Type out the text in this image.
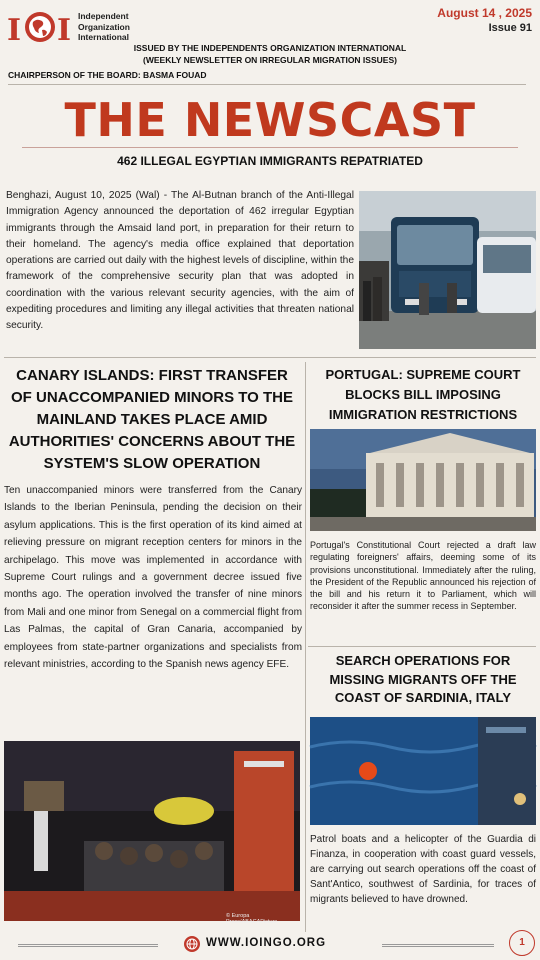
I I Independent
Organization
International
August 14 , 2025
Issue 91
ISSUED BY THE INDEPENDENTS ORGANIZATION INTERNATIONAL
(WEEKLY NEWSLETTER ON IRREGULAR MIGRATION ISSUES)
CHAIRPERSON OF THE BOARD: BASMA FOUAD
THE NEWSCAST
462 ILLEGAL EGYPTIAN IMMIGRANTS REPATRIATED
Benghazi, August 10, 2025 (Wal) - The Al-Butnan branch of the Anti-Illegal Immigration Agency announced the deportation of 462 irregular Egyptian immigrants through the Amsaid land port, in preparation for their return to their homeland. The agency's media office explained that deportation operations are carried out daily with the highest levels of discipline, within the framework of the comprehensive security plan that was adopted in coordination with the various relevant security agencies, with the aim of expediting procedures and limiting any illegal activities that threaten national security.
CANARY ISLANDS: FIRST TRANSFER OF UNACCOMPANIED MINORS TO THE MAINLAND TAKES PLACE AMID AUTHORITIES' CONCERNS ABOUT THE SYSTEM'S SLOW OPERATION
Ten unaccompanied minors were transferred from the Canary Islands to the Iberian Peninsula, pending the decision on their asylum applications. This is the first operation of its kind aimed at relieving pressure on migrant reception centers for minors in the archipelago. This move was implemented in accordance with Supreme Court rulings and a government decree issued five months ago. The operation involved the transfer of nine minors from Mali and one minor from Senegal on a commercial flight from Las Palmas, the capital of Gran Canaria, accompanied by employees from state-partner organizations and specialists from relevant ministries, according to the Spanish news agency EFE.
© Europa Press/ABACAPicture
PORTUGAL: SUPREME COURT BLOCKS BILL IMPOSING IMMIGRATION RESTRICTIONS
Portugal's Constitutional Court rejected a draft law regulating foreigners' affairs, deeming some of its provisions unconstitutional. Immediately after the ruling, the President of the Republic announced his rejection of the bill and his return it to Parliament, which will reconsider it after the summer recess in September.
SEARCH OPERATIONS FOR MISSING MIGRANTS OFF THE COAST OF SARDINIA, ITALY
Patrol boats and a helicopter of the Guardia di Finanza, in cooperation with coast guard vessels, are carrying out search operations off the coast of Sant'Antico, southwest of Sardinia, for traces of migrants believed to have drowned.
WWW.IOINGO.ORG	1
